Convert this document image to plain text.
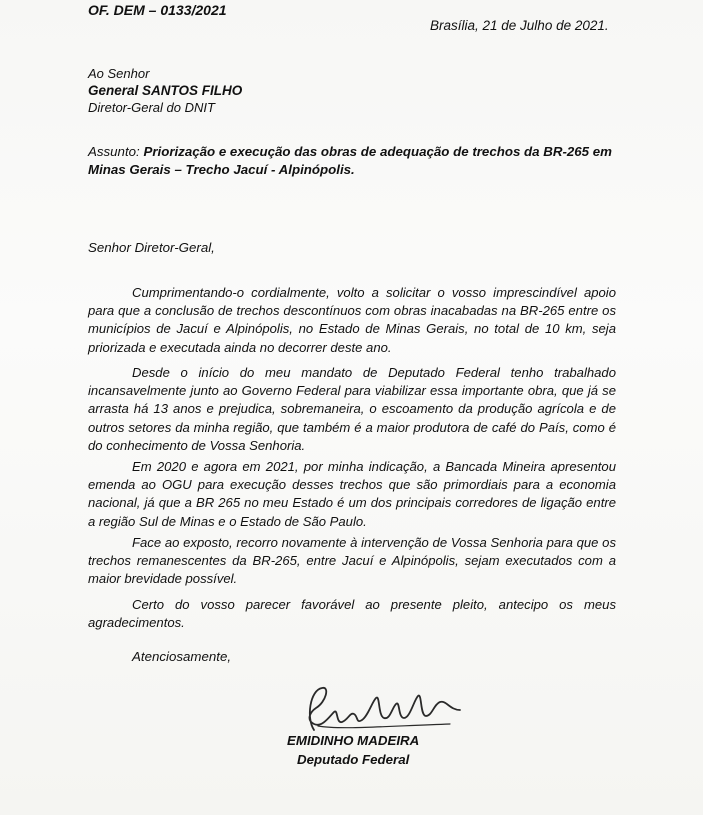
OF. DEM – 0133/2021
Brasília, 21 de Julho de 2021.
Ao Senhor
General SANTOS FILHO
Diretor-Geral do DNIT
Assunto: Priorização e execução das obras de adequação de trechos da BR-265 em Minas Gerais – Trecho Jacuí - Alpinópolis.
Senhor Diretor-Geral,
Cumprimentando-o cordialmente, volto a solicitar o vosso imprescindível apoio para que a conclusão de trechos descontínuos com obras inacabadas na BR-265 entre os municípios de Jacuí e Alpinópolis, no Estado de Minas Gerais, no total de 10 km, seja priorizada e executada ainda no decorrer deste ano.
Desde o início do meu mandato de Deputado Federal tenho trabalhado incansavelmente junto ao Governo Federal para viabilizar essa importante obra, que já se arrasta há 13 anos e prejudica, sobremaneira, o escoamento da produção agrícola e de outros setores da minha região, que também é a maior produtora de café do País, como é do conhecimento de Vossa Senhoria.
Em 2020 e agora em 2021, por minha indicação, a Bancada Mineira apresentou emenda ao OGU para execução desses trechos que são primordiais para a economia nacional, já que a BR 265 no meu Estado é um dos principais corredores de ligação entre a região Sul de Minas e o Estado de São Paulo.
Face ao exposto, recorro novamente à intervenção de Vossa Senhoria para que os trechos remanescentes da BR-265, entre Jacuí e Alpinópolis, sejam executados com a maior brevidade possível.
Certo do vosso parecer favorável ao presente pleito, antecipo os meus agradecimentos.
Atenciosamente,
EMIDINHO MADEIRA
Deputado Federal
